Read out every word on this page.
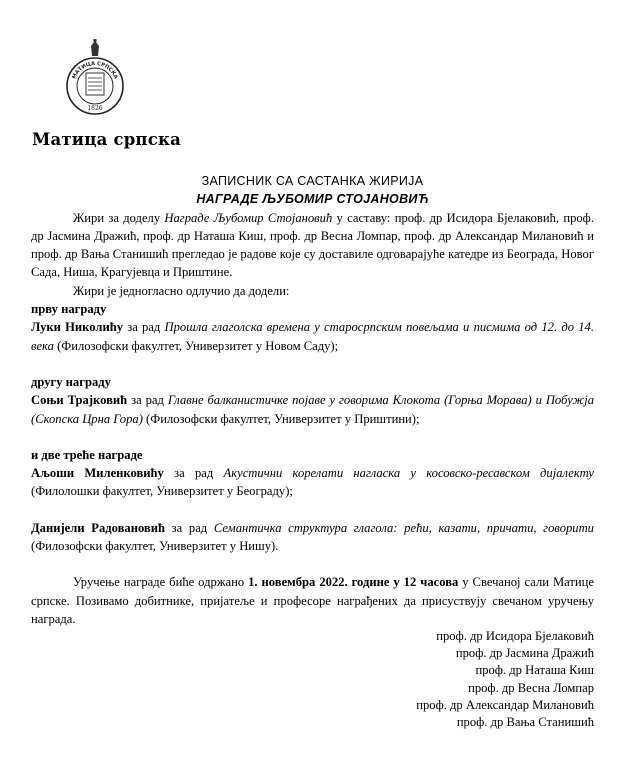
МАТИЦА СРПСКА
1826
Матица српска
ЗАПИСНИК СА САСТАНКА ЖИРИЈА
НАГРАДЕ ЉУБОМИР СТОЈАНОВИЋ
Жири за доделу Награде Љубомир Стојановић у саставу: проф. др Исидора Бјелаковић, проф. др Јасмина Дражић, проф. др Наташа Киш, проф. др Весна Ломпар, проф. др Александар Милановић и проф. др Вања Станишић прегледао је радове које су доставиле одговарајуће катедре из Београда, Новог Сада, Ниша, Крагујевца и Приштине.
Жири је једногласно одлучио да додели:
прву награду
Луки Николићу за рад Прошла глаголска времена у старосрпским повељама и писмима од 12. до 14. века (Филозофски факултет, Универзитет у Новом Саду);
другу награду
Соњи Трајковић за рад Главне балканистичке појаве у говорима Клокота (Горња Морава) и Побужја (Скопска Црна Гора) (Филозофски факултет, Универзитет у Приштини);
и две треће награде
Аљоши Миленковићу за рад Акустични корелати нагласка у косовско-ресавском дијалекту (Филолошки факултет, Универзитет у Београду);
Данијели Радовановић за рад Семантичка структура глагола: рећи, казати, причати, говорити (Филозофски факултет, Универзитет у Нишу).
Уручење награде биће одржано 1. новембра 2022. године у 12 часова у Свечаној сали Матице српске. Позивамо добитнике, пријатеље и професоре награђених да присуствују свечаном уручењу награда.
проф. др Исидора Бјелаковић
проф. др Јасмина Дражић
проф. др Наташа Киш
проф. др Весна Ломпар
проф. др Александар Милановић
проф. др Вања Станишић
